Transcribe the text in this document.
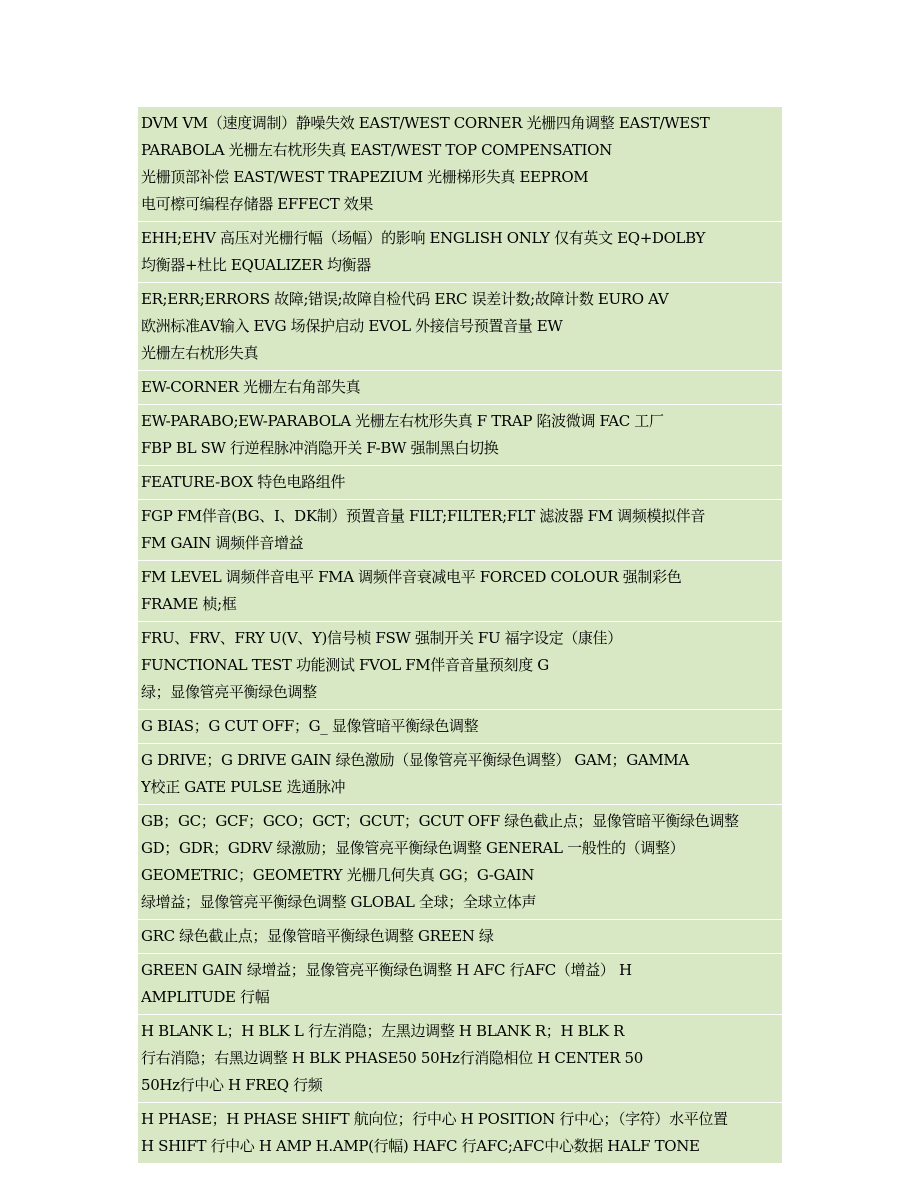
DVM VM（速度调制）静噪失效 EAST/WEST CORNER 光栅四角调整 EAST/WEST
PARABOLA 光栅左右枕形失真 EAST/WEST TOP COMPENSATION
光栅顶部补偿 EAST/WEST TRAPEZIUM 光栅梯形失真 EEPROM
电可檫可编程存储器 EFFECT 效果
EHH;EHV 高压对光栅行幅（场幅）的影响 ENGLISH ONLY 仅有英文 EQ+DOLBY
均衡器+杜比 EQUALIZER 均衡器
ER;ERR;ERRORS 故障;错误;故障自检代码 ERC 误差计数;故障计数 EURO AV
欧洲标准AV输入 EVG 场保护启动 EVOL 外接信号预置音量 EW
光栅左右枕形失真
EW-CORNER 光栅左右角部失真
EW-PARABO;EW-PARABOLA 光栅左右枕形失真 F TRAP 陷波微调 FAC 工厂
FBP BL SW 行逆程脉冲消隐开关 F-BW 强制黑白切换
FEATURE-BOX 特色电路组件
FGP FM伴音(BG、I、DK制）预置音量 FILT;FILTER;FLT 滤波器 FM 调频模拟伴音
FM GAIN 调频伴音增益
FM LEVEL 调频伴音电平 FMA 调频伴音衰减电平 FORCED COLOUR 强制彩色
FRAME 桢;框
FRU、FRV、FRY U(V、Y)信号桢 FSW 强制开关 FU 福字设定（康佳）
FUNCTIONAL TEST 功能测试 FVOL FM伴音音量预刻度 G
绿；显像管亮平衡绿色调整
G BIAS；G CUT OFF；G_ 显像管暗平衡绿色调整
G DRIVE；G DRIVE GAIN 绿色激励（显像管亮平衡绿色调整） GAM；GAMMA
Y校正 GATE PULSE 选通脉冲
GB；GC；GCF；GCO；GCT；GCUT；GCUT OFF 绿色截止点；显像管暗平衡绿色调整
GD；GDR；GDRV 绿激励；显像管亮平衡绿色调整 GENERAL 一般性的（调整）
GEOMETRIC；GEOMETRY 光栅几何失真 GG；G-GAIN
绿增益；显像管亮平衡绿色调整 GLOBAL 全球；全球立体声
GRC 绿色截止点；显像管暗平衡绿色调整 GREEN 绿
GREEN GAIN 绿增益；显像管亮平衡绿色调整 H AFC 行AFC（增益） H
AMPLITUDE 行幅
H BLANK L；H BLK L 行左消隐；左黑边调整 H BLANK R；H BLK R
行右消隐；右黑边调整 H BLK PHASE50 50Hz行消隐相位 H CENTER 50
50Hz行中心 H FREQ 行频
H PHASE；H PHASE SHIFT 航向位；行中心 H POSITION 行中心；（字符）水平位置
H SHIFT 行中心 H AMP H.AMP(行幅) HAFC 行AFC;AFC中心数据 HALF TONE
